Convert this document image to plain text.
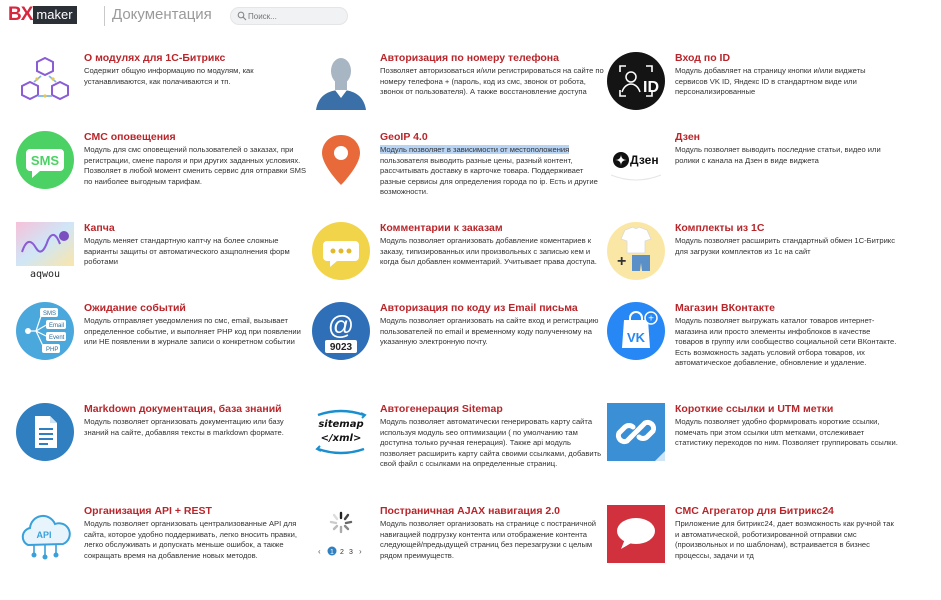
BX maker	Документация
Поиск...
О модулях для 1С-Битрикс
Содержит общую информацию по модулям, как устанавливаются, как полачиваются и тп.
Авторизация по номеру телефона
Позволяет авторизоваться и/или регистрироваться на сайте по номеру телефона + (пароль, код из смс, звонок от робота, звонок от пользователя). А также восстановление доступа	ID
Вход по ID
Модуль добавляет на страницу кнопки и/или виджеты сервисов VK ID, Яндекс ID в стандартном виде или персонализированные
SMS
СМС оповещения
Модуль для смс оповещений пользователей о заказах, при регистрации, смене пароля и при других заданных условиях. Позволяет в любой момент сменить сервис для отправки SMS по наиболее выгодным тарифам.
GeoIP 4.0
Модуль позволяет в зависимости от местоположения пользователя выводить разные цены, разный контент, рассчитывать доставку в карточке товара. Поддерживает разные сервисы для определения города по ip. Есть и другие возможности.
Дзен
Дзен
Модуль позволяет выводить последние статьи, видео или ролики с канала на Дзен в виде виджета
aqwou
Капча
Модуль меняет стандартную каптчу на более сложные варианты защиты от автоматического азщполнения форм роботами
Комментарии к заказам
Модуль позволяет организовать добавление коментариев к заказу, типизированных или произвольных с записью кем и когда был добавлен комментарий. Учитывает права доступа.	+
Комплекты из 1С
Модуль позволяет расширить стандартный обмен 1С-Битрикс для загрузки комплектов из 1с на сайт
SMS
Email
Event
PHP
Ожидание событий
Модуль отправляет уведомления по смс, email, вызывает определенное событие, и выполняет PHP код при появлении или НЕ появлении в журнале записи о конкретном событии
@
9023
Авторизация по коду из Email письма
Модуль позволяет организовать на сайте вход и регистрацию пользователей по email и временному коду полученному на указанную электронную почту.	VK
+
Магазин ВКонтакте
Модуль позволяет выгружать каталог товаров интернет-магазина или просто элементы инфоблоков в качестве товаров в группу или сообщество социальной сети ВКонтакте. Есть возможность задать условий отбора товаров, их автоматическое добавление, обновление и удаление.
Markdown документация, база знаний
Модуль позволяет организовать документацию или базу знаний на сайте, добавляя тексты в markdown формате.
sitemap
</xml>
Автогенерация Sitemap
Модуль позволяет автоматически генерировать карту сайта используя модуль seo оптимизации ( по умолчанию там доступна только ручная генерация). Также api модуль позволяет расширить карту сайта своими ссылками, добавить свой файл с ссылками на определенные страниц.
Короткие ссылки и UTM метки
Модуль позволяет удобно формировать короткие ссылки, помечать при этом ссылки utm метками, отслеживает статистику переходов по ним. Позволяет группировать ссылки.
API
Организация API + REST
Модуль позволяет организовать централизованные API для сайта, которое удобно поддерживать, легко вносить правки, легко обслуживать и допускать меньше ошибок, а также сокращать время на добавление новых методов.	‹ 1 2 3 ›
Постраничная AJAX навигация 2.0
Модуль позволяет организовать на странице с постраничной навигацией подгрузку контента или отображение контента следующей/предыдущей страниц без перезагрузки с целым рядом преимуществ.
СМС Агрегатор для Битрикс24
Приложение для битрикс24, дает возможность как ручной так и автоматической, роботизированной отправки смс (произвольных и по шаблонам), встраивается в бизнес процессы, задачи и тд
